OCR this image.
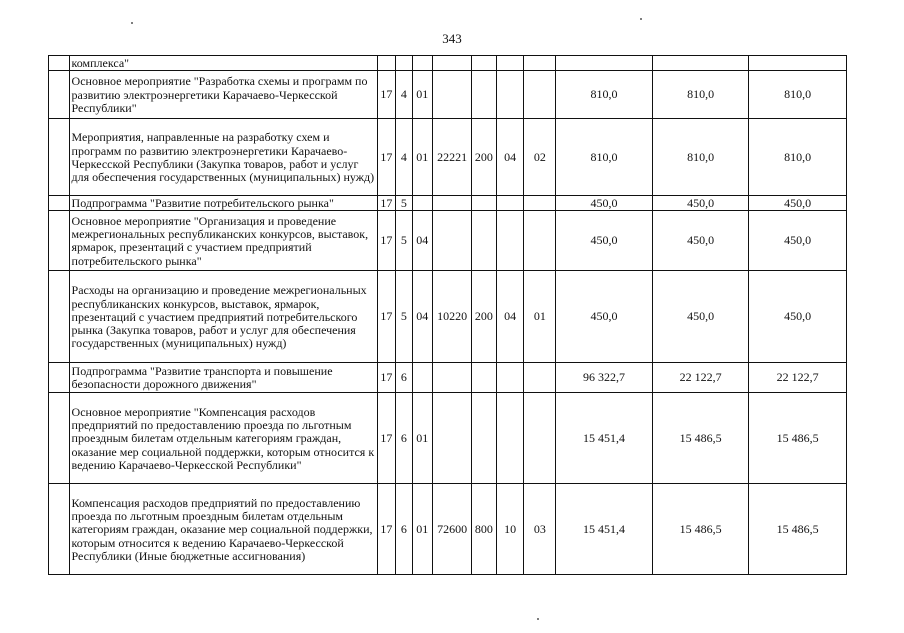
343
	комплекса"										
	Основное мероприятие "Разработка схемы и программ по развитию электроэнергетики Карачаево-Черкесской Республики"	17	4	01					810,0	810,0	810,0
	Мероприятия, направленные на разработку схем и программ по развитию электроэнергетики Карачаево-Черкесской Республики (Закупка товаров, работ и услуг для обеспечения государственных (муниципальных) нужд)	17	4	01	22221	200	04	02	810,0	810,0	810,0
	Подпрограмма "Развитие потребительского рынка"	17	5						450,0	450,0	450,0
	Основное мероприятие "Организация и проведение межрегиональных республиканских конкурсов, выставок, ярмарок, презентаций с участием предприятий потребительского рынка"	17	5	04					450,0	450,0	450,0
	Расходы на организацию и проведение межрегиональных республиканских конкурсов, выставок, ярмарок, презентаций с участием предприятий потребительского рынка (Закупка товаров, работ и услуг для обеспечения государственных (муниципальных) нужд)	17	5	04	10220	200	04	01	450,0	450,0	450,0
	Подпрограмма "Развитие транспорта и повышение безопасности дорожного движения"	17	6						96 322,7	22 122,7	22 122,7
	Основное мероприятие "Компенсация расходов предприятий по предоставлению проезда по льготным проездным билетам отдельным категориям граждан, оказание мер социальной поддержки, которым относится к ведению Карачаево-Черкесской Республики"	17	6	01					15 451,4	15 486,5	15 486,5
	Компенсация расходов предприятий по предоставлению проезда по льготным проездным билетам отдельным категориям граждан, оказание мер социальной поддержки, которым относится к ведению Карачаево-Черкесской Республики (Иные бюджетные ассигнования)	17	6	01	72600	800	10	03	15 451,4	15 486,5	15 486,5
